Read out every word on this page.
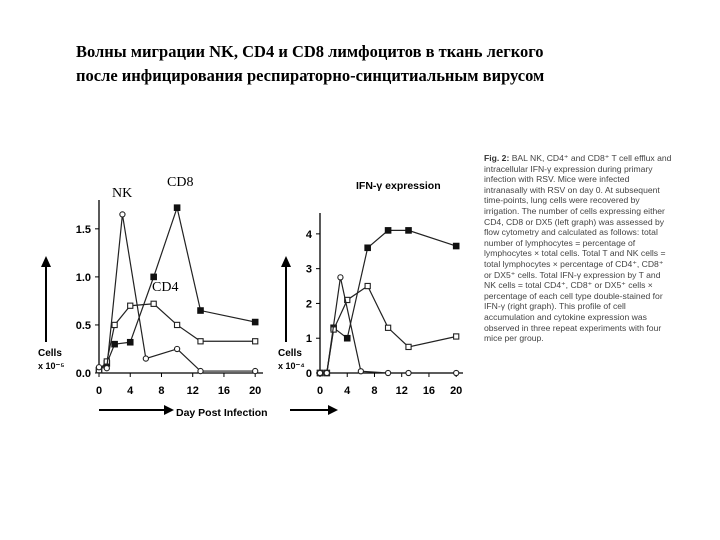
Волны миграции NK, CD4 и CD8 лимфоцитов в ткань легкого
после инфицирования респираторно-синцитиальным вирусом
NK
CD8
CD4
Cells
x 10⁻⁵
Day Post Infection
IFN-γ expression
Cells
x 10⁻⁴
0 4 8 12 16 20
0.0
0.5
1.0
1.5
0 4 8 12 16 20
0
1
2
3
4
Fig. 2: BAL NK, CD4⁺ and CD8⁺ T cell efflux and intracellular IFN-γ expression during primary infection with RSV. Mice were infected intranasally with RSV on day 0. At subsequent time-points, lung cells were recovered by irrigation. The number of cells expressing either CD4, CD8 or DX5 (left graph) was assessed by flow cytometry and calculated as follows: total number of lymphocytes = percentage of lymphocytes × total cells. Total T and NK cells = total lymphocytes × percentage of CD4⁺, CD8⁺ or DX5⁺ cells. Total IFN-γ expression by T and NK cells = total CD4⁺, CD8⁺ or DX5⁺ cells × percentage of each cell type double-stained for IFN-γ (right graph). This profile of cell accumulation and cytokine expression was observed in three repeat experiments with four mice per group.
